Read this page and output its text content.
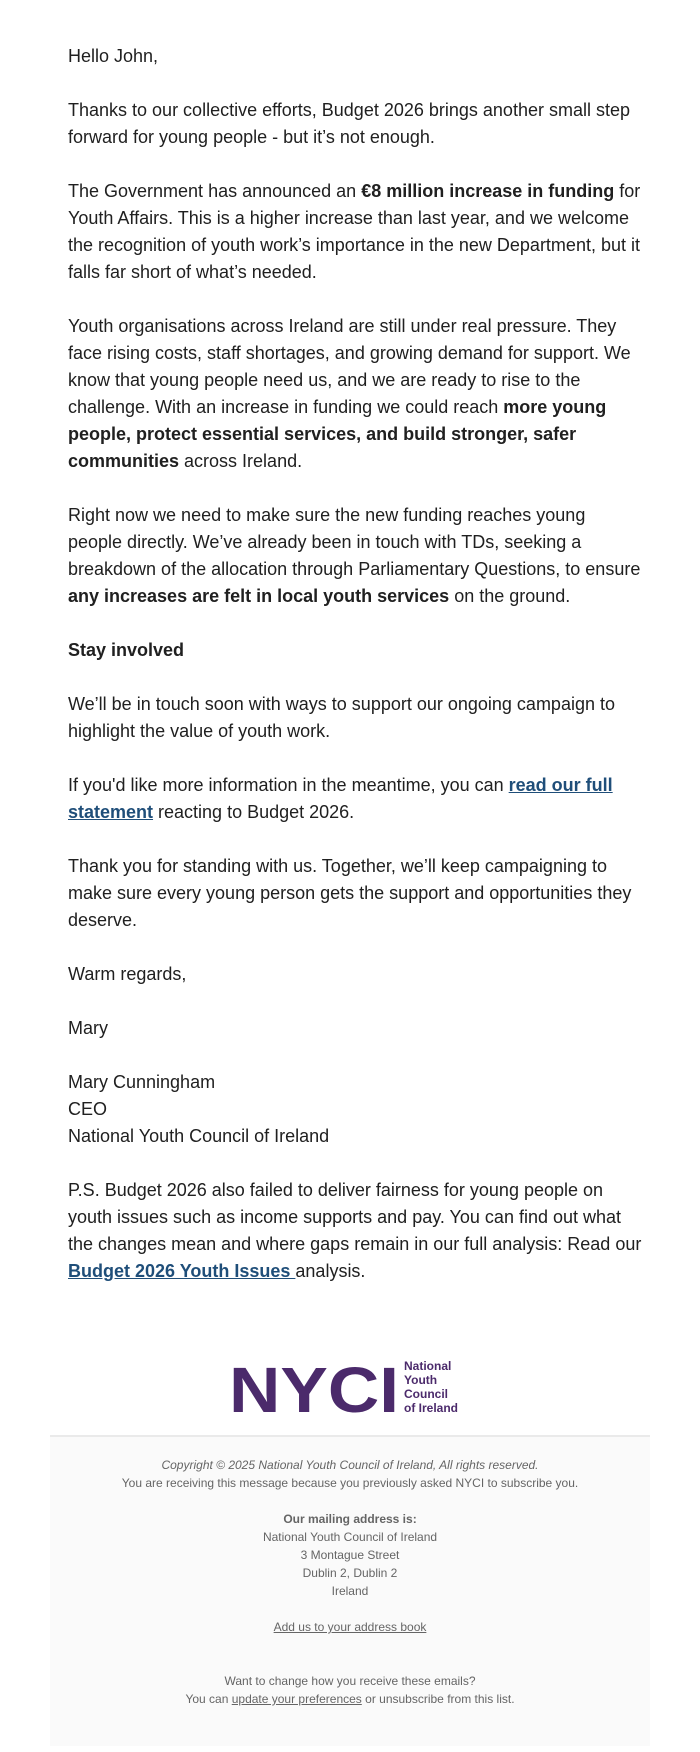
Hello John,

Thanks to our collective efforts, Budget 2026 brings another small step forward for young people - but it’s not enough.

The Government has announced an €8 million increase in funding for Youth Affairs. This is a higher increase than last year, and we welcome the recognition of youth work’s importance in the new Department, but it falls far short of what’s needed.

Youth organisations across Ireland are still under real pressure. They face rising costs, staff shortages, and growing demand for support. We know that young people need us, and we are ready to rise to the challenge. With an increase in funding we could reach more young people, protect essential services, and build stronger, safer communities across Ireland.

Right now we need to make sure the new funding reaches young people directly. We’ve already been in touch with TDs, seeking a breakdown of the allocation through Parliamentary Questions, to ensure any increases are felt in local youth services on the ground.

Stay involved

We’ll be in touch soon with ways to support our ongoing campaign to highlight the value of youth work.

If you'd like more information in the meantime, you can read our full statement reacting to Budget 2026.

Thank you for standing with us. Together, we’ll keep campaigning to make sure every young person gets the support and opportunities they deserve.

Warm regards,

Mary

Mary Cunningham
CEO
National Youth Council of Ireland

P.S. Budget 2026 also failed to deliver fairness for young people on youth issues such as income supports and pay. You can find out what the changes mean and where gaps remain in our full analysis: Read our Budget 2026 Youth Issues analysis.

NYCI National
Youth
Council
of Ireland
Copyright © 2025 National Youth Council of Ireland, All rights reserved.
You are receiving this message because you previously asked NYCI to subscribe you.
Our mailing address is:
National Youth Council of Ireland
3 Montague Street
Dublin 2, Dublin 2
Ireland
Add us to your address book
Want to change how you receive these emails?
You can update your preferences or unsubscribe from this list.
